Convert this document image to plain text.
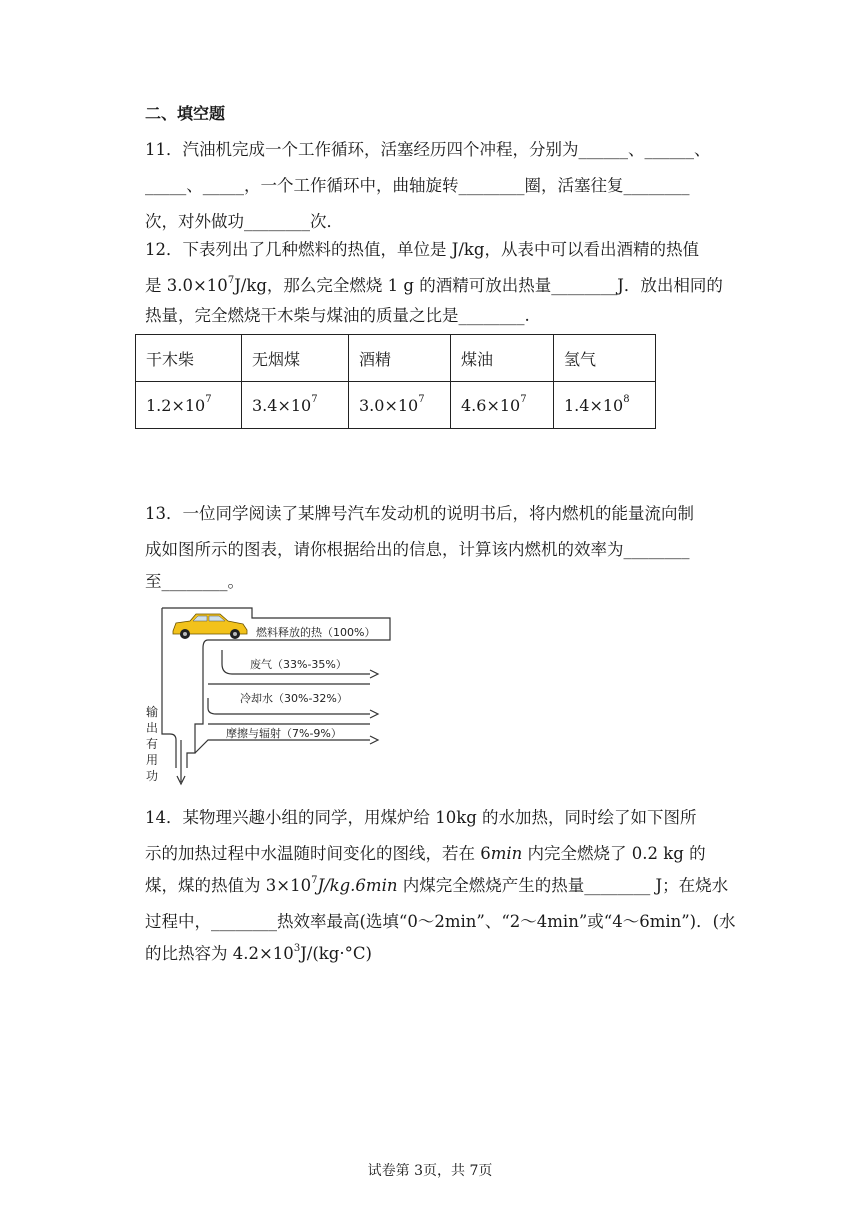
二、填空题
11．汽油机完成一个工作循环，活塞经历四个冲程，分别为______、______、
_____、_____，一个工作循环中，曲轴旋转________圈，活塞往复________
次，对外做功________次．
12．下表列出了几种燃料的热值，单位是 J/kg，从表中可以看出酒精的热值
是 $3.0\times 10^7J/kg$，那么完全燃烧 1 g 的酒精可放出热量________J．放出相同的
热量，完全燃烧干木柴与煤油的质量之比是________.
干木柴	无烟煤	酒精	煤油	氢气
$1.2\times 10^7$	$3.4\times 10^7$	$3.0\times 10^7$	$4.6\times 10^7$	$1.4\times 10^8$
13．一位同学阅读了某牌号汽车发动机的说明书后，将内燃机的能量流向制
成如图所示的图表，请你根据给出的信息，计算该内燃机的效率为________
至________。
燃料释放的热（100%）
废气（33%-35%）
冷却水（30%-32%）
摩擦与辐射（7%-9%）
输
出
有
用
功
14．某物理兴趣小组的同学，用煤炉给 10kg 的水加热，同时绘了如下图所
示的加热过程中水温随时间变化的图线，若在 6min 内完全燃烧了 0.2 kg 的
煤，煤的热值为 $3\times 10^7J/kg.6\min$ 内煤完全燃烧产生的热量________ J；在烧水
过程中，________热效率最高(选填“0～2min”、“2～4min”或“4～6min”)．(水
的比热容为 $4.2\times 10^3J/(kg\cdot^\circ C)$
试卷第 3页，共 7页
